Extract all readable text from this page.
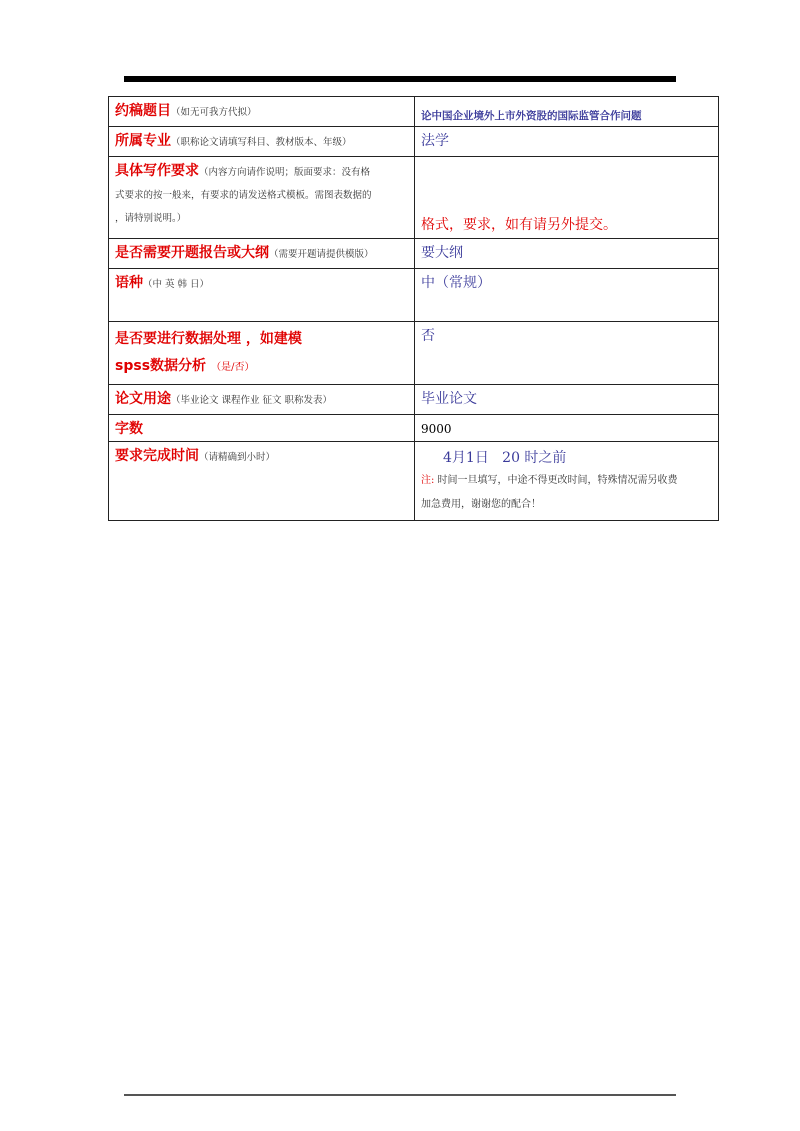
约稿题目（如无可我方代拟）	论中国企业境外上市外资股的国际监管合作问题
所属专业（职称论文请填写科目、教材版本、年级）	法学
具体写作要求（内容方向请作说明；版面要求：没有格
式要求的按一般来，有要求的请发送格式模板。需图表数据的
，请特别说明。）	格式，要求，如有请另外提交。
是否需要开题报告或大纲（需要开题请提供模版）	要大纲
语种（中 英 韩 日）	中（常规）
是否要进行数据处理 ，如建模
spss数据分析 （是/否）	否
论文用途（毕业论文 课程作业 征文 职称发表）	毕业论文
字数	9000
要求完成时间（请精确到小时）	4月1日   20 时之前
注: 时间一旦填写，中途不得更改时间，特殊情况需另收费
加急费用，谢谢您的配合！
